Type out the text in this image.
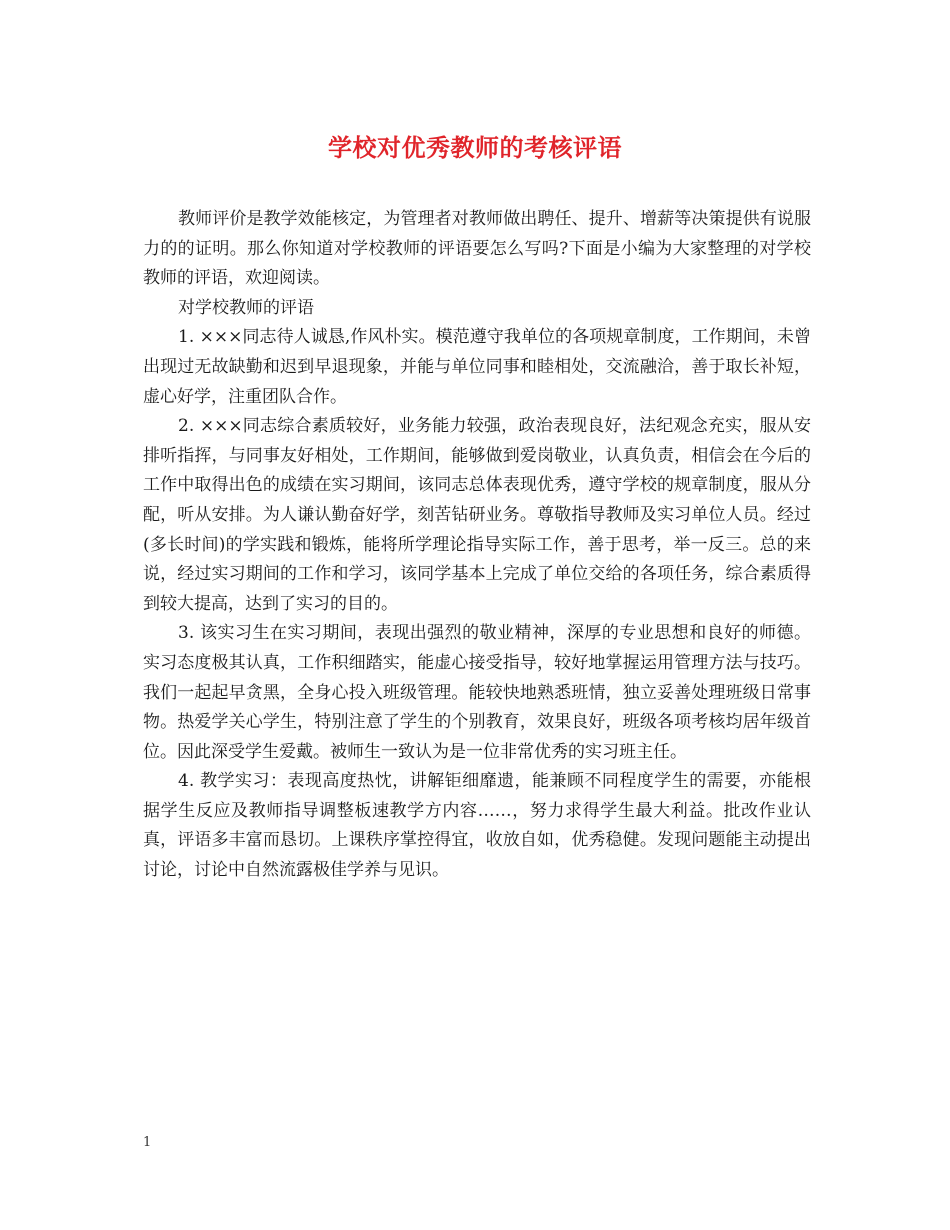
学校对优秀教师的考核评语

教师评价是教学效能核定，为管理者对教师做出聘任、提升、增薪等决策提供有说服力的的证明。那么你知道对学校教师的评语要怎么写吗?下面是小编为大家整理的对学校教师的评语，欢迎阅读。

对学校教师的评语

1. ×××同志待人诚恳,作风朴实。模范遵守我单位的各项规章制度，工作期间，未曾出现过无故缺勤和迟到早退现象，并能与单位同事和睦相处，交流融洽，善于取长补短，虚心好学，注重团队合作。

2. ×××同志综合素质较好，业务能力较强，政治表现良好，法纪观念充实，服从安排听指挥，与同事友好相处，工作期间，能够做到爱岗敬业，认真负责，相信会在今后的工作中取得出色的成绩在实习期间，该同志总体表现优秀，遵守学校的规章制度，服从分配，听从安排。为人谦认勤奋好学，刻苦钻研业务。尊敬指导教师及实习单位人员。经过(多长时间)的学实践和锻炼，能将所学理论指导实际工作，善于思考，举一反三。总的来说，经过实习期间的工作和学习，该同学基本上完成了单位交给的各项任务，综合素质得到较大提高，达到了实习的目的。

3. 该实习生在实习期间，表现出强烈的敬业精神，深厚的专业思想和良好的师德。实习态度极其认真，工作积细踏实，能虚心接受指导，较好地掌握运用管理方法与技巧。我们一起起早贪黑，全身心投入班级管理。能较快地熟悉班情，独立妥善处理班级日常事物。热爱学关心学生，特别注意了学生的个别教育，效果良好，班级各项考核均居年级首位。因此深受学生爱戴。被师生一致认为是一位非常优秀的实习班主任。

4. 教学实习：表现高度热忱，讲解钜细靡遗，能兼顾不同程度学生的需要，亦能根据学生反应及教师指导调整板速教学方内容……，努力求得学生最大利益。批改作业认真，评语多丰富而恳切。上课秩序掌控得宜，收放自如，优秀稳健。发现问题能主动提出讨论，讨论中自然流露极佳学养与见识。

1
